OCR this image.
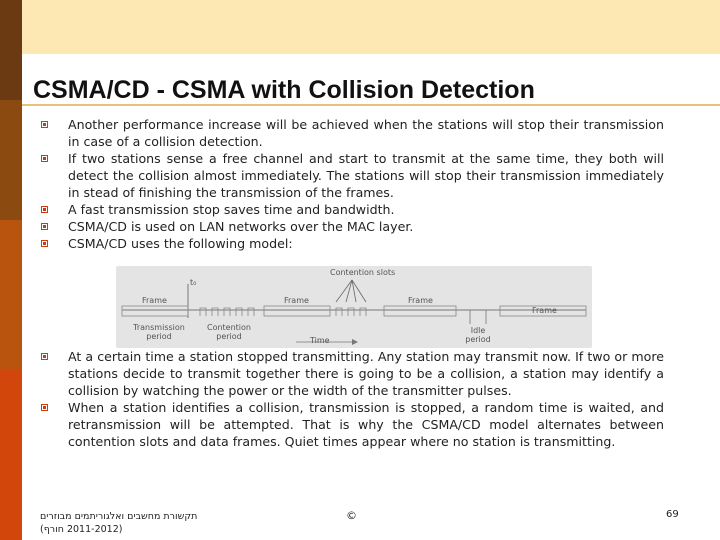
CSMA/CD - CSMA with Collision Detection
Another performance increase will be achieved when the stations will stop their transmission in case of a collision detection.
If two stations sense a free channel and start to transmit at the same time, they both will detect the collision almost immediately. The stations will stop their transmission immediately in stead of finishing the transmission of the frames.
A fast transmission stop saves time and bandwidth.
CSMA/CD is used on LAN networks over the MAC layer.
CSMA/CD uses the following model:
Contention slots
t₀
Frame	Frame	Frame
Frame
Transmission period
Contention period
Idle period
Time
At a certain time a station stopped transmitting. Any station may transmit now. If two or more stations decide to transmit together there is going to be a collision, a station may identify a collision by watching the power or the width of the transmitter pulses.
When a station identifies a collision, transmission is stopped, a random time is waited, and retransmission will be attempted. That is why the CSMA/CD model alternates between contention slots and data frames. Quiet times appear where no station is transmitting.
תקשורת מחשבים ואלגוריתמים מבוזרים
(2011-2012 חורף)
©	69
